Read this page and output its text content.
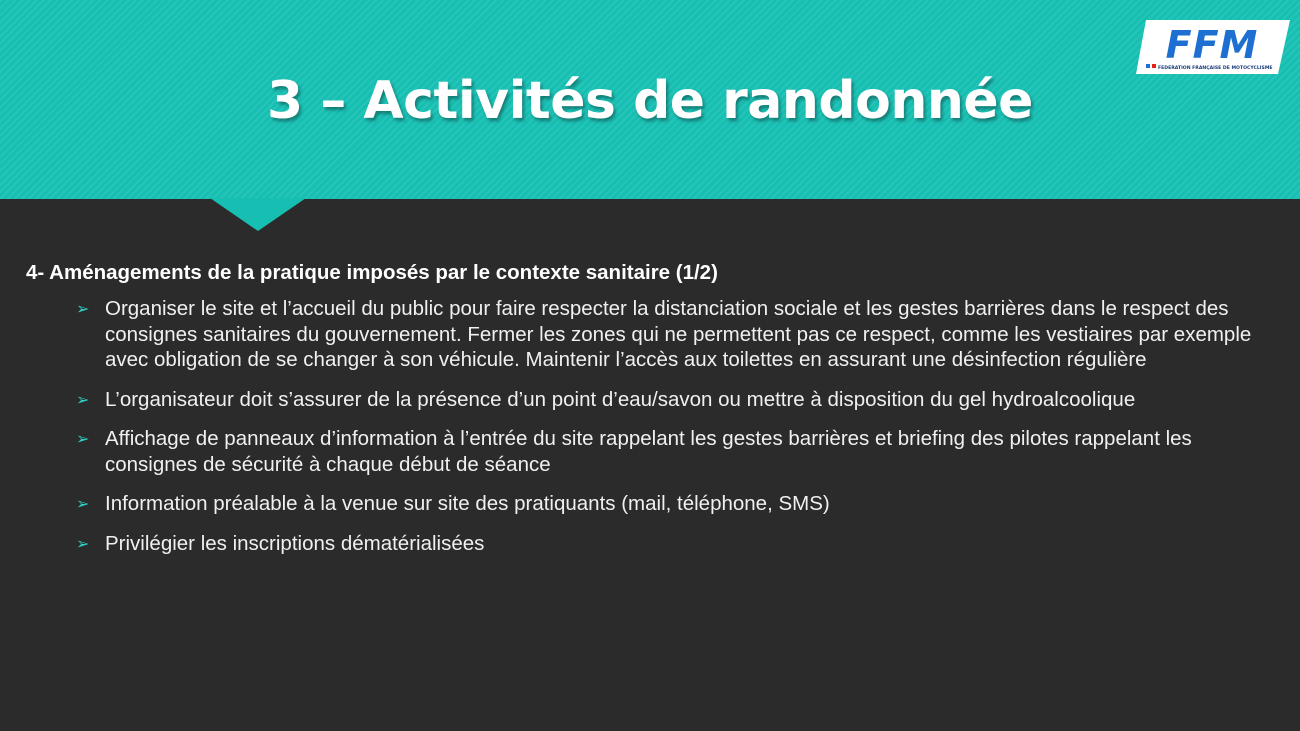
3 – Activités de randonnée
FFM
FEDERATION FRANÇAISE DE MOTOCYCLISME

4- Aménagements de la pratique imposés par le contexte sanitaire (1/2)

➢ Organiser le site et l’accueil du public pour faire respecter la distanciation sociale et les gestes barrières dans le respect des consignes sanitaires du gouvernement. Fermer les zones qui ne permettent pas ce respect, comme les vestiaires par exemple avec obligation de se changer à son véhicule. Maintenir l’accès aux toilettes en assurant une désinfection régulière
➢ L’organisateur doit s’assurer de la présence d’un point d’eau/savon ou mettre à disposition du gel hydroalcoolique
➢ Affichage de panneaux d’information à l’entrée du site rappelant les gestes barrières et briefing des pilotes rappelant les consignes de sécurité à chaque début de séance
➢ Information préalable à la venue sur site des pratiquants (mail, téléphone, SMS)
➢ Privilégier les inscriptions dématérialisées
